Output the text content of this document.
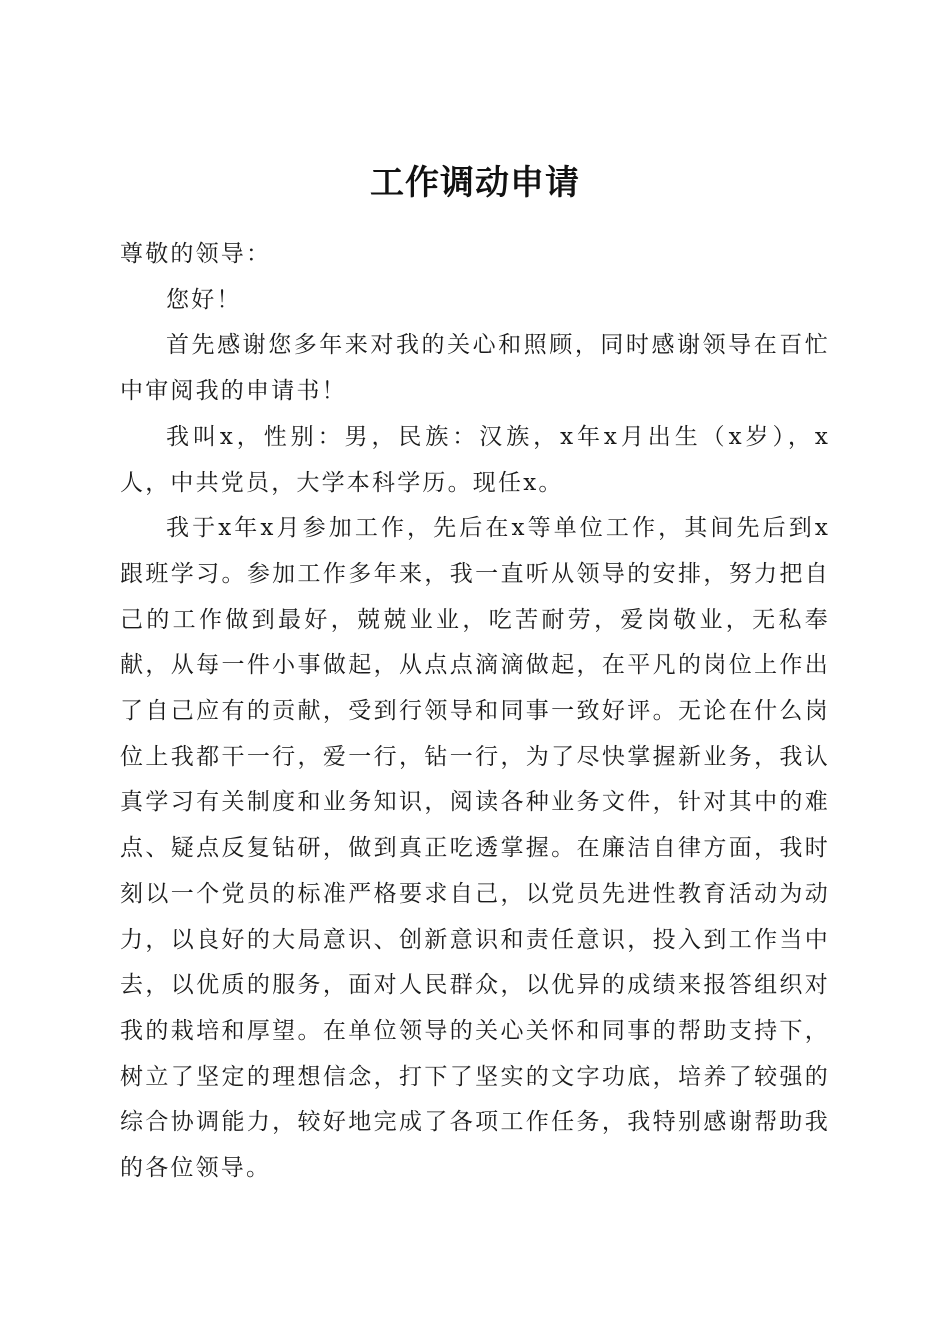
工作调动申请

尊敬的领导：

您好！

首先感谢您多年来对我的关心和照顾，同时感谢领导在百忙中审阅我的申请书！

我叫x，性别：男，民族：汉族，x年x月出生（x岁），x人，中共党员，大学本科学历。现任x。

我于x年x月参加工作，先后在x等单位工作，其间先后到x跟班学习。参加工作多年来，我一直听从领导的安排，努力把自己的工作做到最好，兢兢业业，吃苦耐劳，爱岗敬业，无私奉献，从每一件小事做起，从点点滴滴做起，在平凡的岗位上作出了自己应有的贡献，受到行领导和同事一致好评。无论在什么岗位上我都干一行，爱一行，钻一行，为了尽快掌握新业务，我认真学习有关制度和业务知识，阅读各种业务文件，针对其中的难点、疑点反复钻研，做到真正吃透掌握。在廉洁自律方面，我时刻以一个党员的标准严格要求自己，以党员先进性教育活动为动力，以良好的大局意识、创新意识和责任意识，投入到工作当中去，以优质的服务，面对人民群众，以优异的成绩来报答组织对我的栽培和厚望。在单位领导的关心关怀和同事的帮助支持下，树立了坚定的理想信念，打下了坚实的文字功底，培养了较强的综合协调能力，较好地完成了各项工作任务，我特别感谢帮助我的各位领导。
